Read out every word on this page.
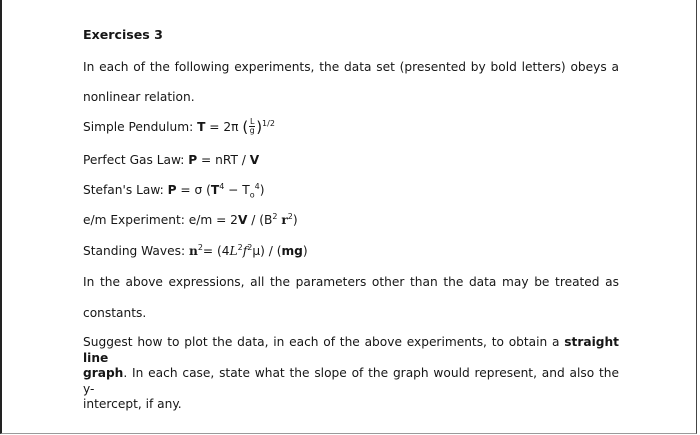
Exercises 3
In each of the following experiments, the data set (presented by bold letters) obeys a
nonlinear relation.
Simple Pendulum: T = 2π ( $\frac{L}{g} )^{1/2}$
Perfect Gas Law: P = nRT / V
Stefan's Law: P = σ $(T^4 - T_o^4)$
e/m Experiment: $e/m = 2V / (B^2$ $r^2$)
Standing Waves: $n^2= (4L^2f^2\mu) / (mg)$
In the above expressions, all the parameters other than the data may be treated as
constants.
Suggest how to plot the data, in each of the above experiments, to obtain a straight line
graph. In each case, state what the slope of the graph would represent, and also the y-
intercept, if any.
